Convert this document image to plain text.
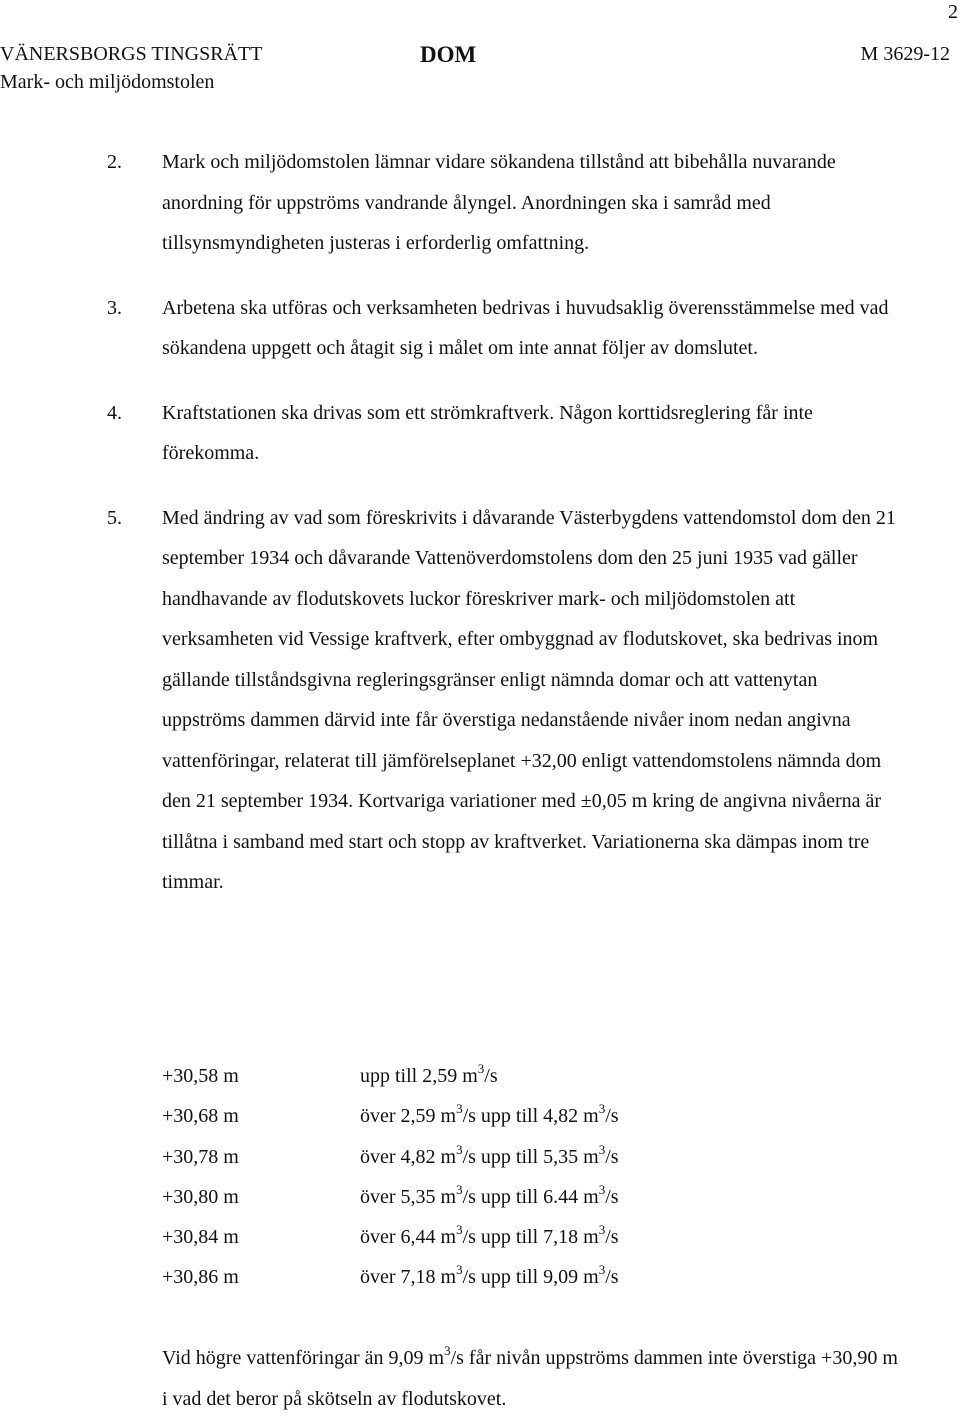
2
VÄNERSBORGS TINGSRÄTT	DOM	M 3629-12
Mark- och miljödomstolen
2. Mark och miljödomstolen lämnar vidare sökandena tillstånd att bibehålla nuvarande anordning för uppströms vandrande ålyngel. Anordningen ska i samråd med tillsynsmyndigheten justeras i erforderlig omfattning.
3. Arbetena ska utföras och verksamheten bedrivas i huvudsaklig överensstämmelse med vad sökandena uppgett och åtagit sig i målet om inte annat följer av domslutet.
4. Kraftstationen ska drivas som ett strömkraftverk. Någon korttidsreglering får inte förekomma.
5. Med ändring av vad som föreskrivits i dåvarande Västerbygdens vattendomstol dom den 21 september 1934 och dåvarande Vattenöverdomstolens dom den 25 juni 1935 vad gäller handhavande av flodutskovets luckor föreskriver mark- och miljödomstolen att verksamheten vid Vessige kraftverk, efter ombyggnad av flodutskovet, ska bedrivas inom gällande tillståndsgivna regleringsgränser enligt nämnda domar och att vattenytan uppströms dammen därvid inte får överstiga nedanstående nivåer inom nedan angivna vattenföringar, relaterat till jämförelseplanet +32,00 enligt vattendomstolens nämnda dom den 21 september 1934. Kortvariga variationer med ±0,05 m kring de angivna nivåerna är tillåtna i samband med start och stopp av kraftverket. Variationerna ska dämpas inom tre timmar.
+30,58 m	upp till 2,59 $m^3/s$
+30,68 m	över 2,59 $m^3/s$ upp till 4,82 $m^3/s$
+30,78 m	över 4,82 $m^3/s$ upp till 5,35 $m^3/s$
+30,80 m	över 5,35 $m^3/s$ upp till 6.44 $m^3/s$
+30,84 m	över 6,44 $m^3/s$ upp till 7,18 $m^3/s$
+30,86 m	över 7,18 $m^3/s$ upp till 9,09 $m^3/s$
Vid högre vattenföringar än 9,09 $m^3/s$ får nivån uppströms dammen inte överstiga +30,90 m i vad det beror på skötseln av flodutskovet.
